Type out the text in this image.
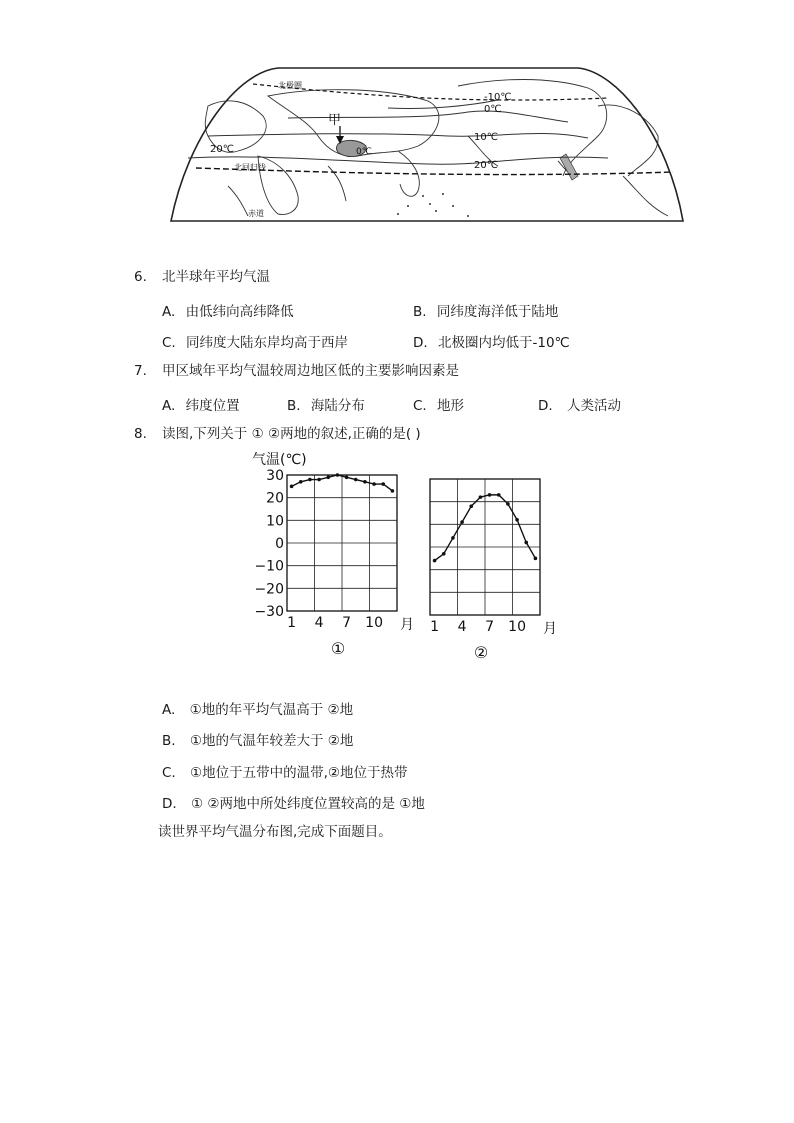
北极圈
北回归线
赤道
甲
-10℃
0℃
10℃
20℃
20℃	0℃
6. 北半球年平均气温
A. 由低纬向高纬降低	B. 同纬度海洋低于陆地
C. 同纬度大陆东岸均高于西岸	D. 北极圈内均低于-10℃
7. 甲区域年平均气温较周边地区低的主要影响因素是
A. 纬度位置	B. 海陆分布	C. 地形	D. 人类活动
8. 读图,下列关于 ① ②两地的叙述,正确的是( )
30
20
10
0
−10
−20
−30
气温(℃)
1 4 7 10 月
①
1 4 7 10 月
②
A. ①地的年平均气温高于 ②地
B. ①地的气温年较差大于 ②地
C. ①地位于五带中的温带,②地位于热带
D. ① ②两地中所处纬度位置较高的是 ①地
读世界平均气温分布图,完成下面题目。
